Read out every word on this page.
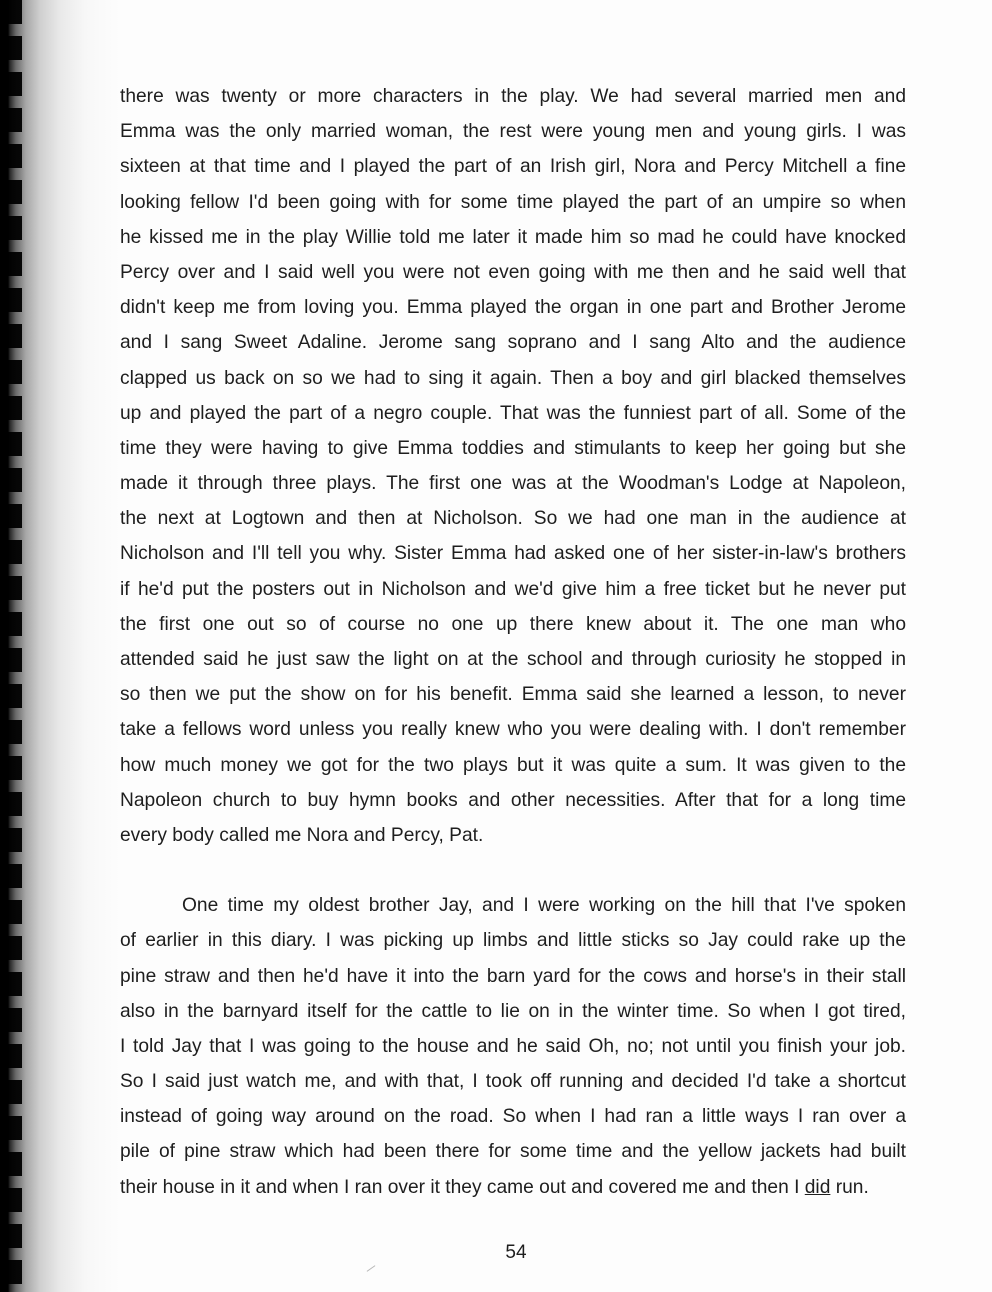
there was twenty or more characters in the play. We had several married men and
Emma was the only married woman, the rest were young men and young girls. I was
sixteen at that time and I played the part of an Irish girl, Nora and Percy Mitchell a fine
looking fellow I'd been going with for some time played the part of an umpire so when
he kissed me in the play Willie told me later it made him so mad he could have knocked
Percy over and I said well you were not even going with me then and he said well that
didn't keep me from loving you. Emma played the organ in one part and Brother Jerome
and I sang Sweet Adaline. Jerome sang soprano and I sang Alto and the audience
clapped us back on so we had to sing it again. Then a boy and girl blacked themselves
up and played the part of a negro couple. That was the funniest part of all. Some of the
time they were having to give Emma toddies and stimulants to keep her going but she
made it through three plays. The first one was at the Woodman's Lodge at Napoleon,
the next at Logtown and then at Nicholson. So we had one man in the audience at
Nicholson and I'll tell you why. Sister Emma had asked one of her sister-in-law's brothers
if he'd put the posters out in Nicholson and we'd give him a free ticket but he never put
the first one out so of course no one up there knew about it. The one man who
attended said he just saw the light on at the school and through curiosity he stopped in
so then we put the show on for his benefit. Emma said she learned a lesson, to never
take a fellows word unless you really knew who you were dealing with. I don't remember
how much money we got for the two plays but it was quite a sum. It was given to the
Napoleon church to buy hymn books and other necessities. After that for a long time
every body called me Nora and Percy, Pat.
One time my oldest brother Jay, and I were working on the hill that I've spoken
of earlier in this diary. I was picking up limbs and little sticks so Jay could rake up the
pine straw and then he'd have it into the barn yard for the cows and horse's in their stall
also in the barnyard itself for the cattle to lie on in the winter time. So when I got tired,
I told Jay that I was going to the house and he said Oh, no; not until you finish your job.
So I said just watch me, and with that, I took off running and decided I'd take a shortcut
instead of going way around on the road. So when I had ran a little ways I ran over a
pile of pine straw which had been there for some time and the yellow jackets had built
their house in it and when I ran over it they came out and covered me and then I did run.
54
